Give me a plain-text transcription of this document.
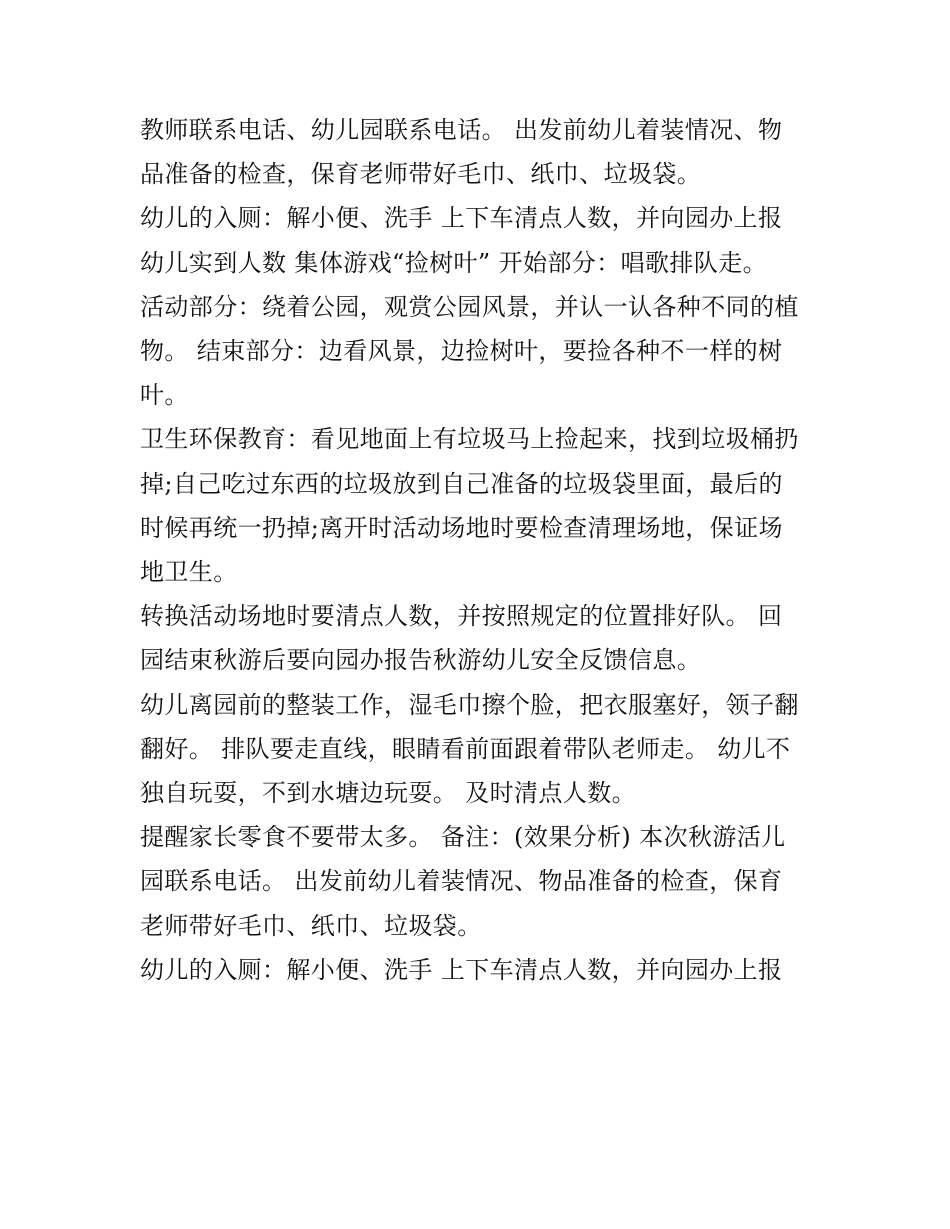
教师联系电话、幼儿园联系电话。 出发前幼儿着装情况、物
品准备的检查，保育老师带好毛巾、纸巾、垃圾袋。
幼儿的入厕：解小便、洗手 上下车清点人数，并向园办上报
幼儿实到人数 集体游戏“捡树叶” 开始部分：唱歌排队走。
活动部分：绕着公园，观赏公园风景，并认一认各种不同的植
物。 结束部分：边看风景，边捡树叶，要捡各种不一样的树
叶。
卫生环保教育：看见地面上有垃圾马上捡起来，找到垃圾桶扔
掉;自己吃过东西的垃圾放到自己准备的垃圾袋里面，最后的
时候再统一扔掉;离开时活动场地时要检查清理场地，保证场
地卫生。
转换活动场地时要清点人数，并按照规定的位置排好队。 回
园结束秋游后要向园办报告秋游幼儿安全反馈信息。
幼儿离园前的整装工作，湿毛巾擦个脸，把衣服塞好，领子翻
翻好。 排队要走直线，眼睛看前面跟着带队老师走。 幼儿不
独自玩耍，不到水塘边玩耍。 及时清点人数。
提醒家长零食不要带太多。 备注：(效果分析) 本次秋游活儿
园联系电话。 出发前幼儿着装情况、物品准备的检查，保育
老师带好毛巾、纸巾、垃圾袋。
幼儿的入厕：解小便、洗手 上下车清点人数，并向园办上报
